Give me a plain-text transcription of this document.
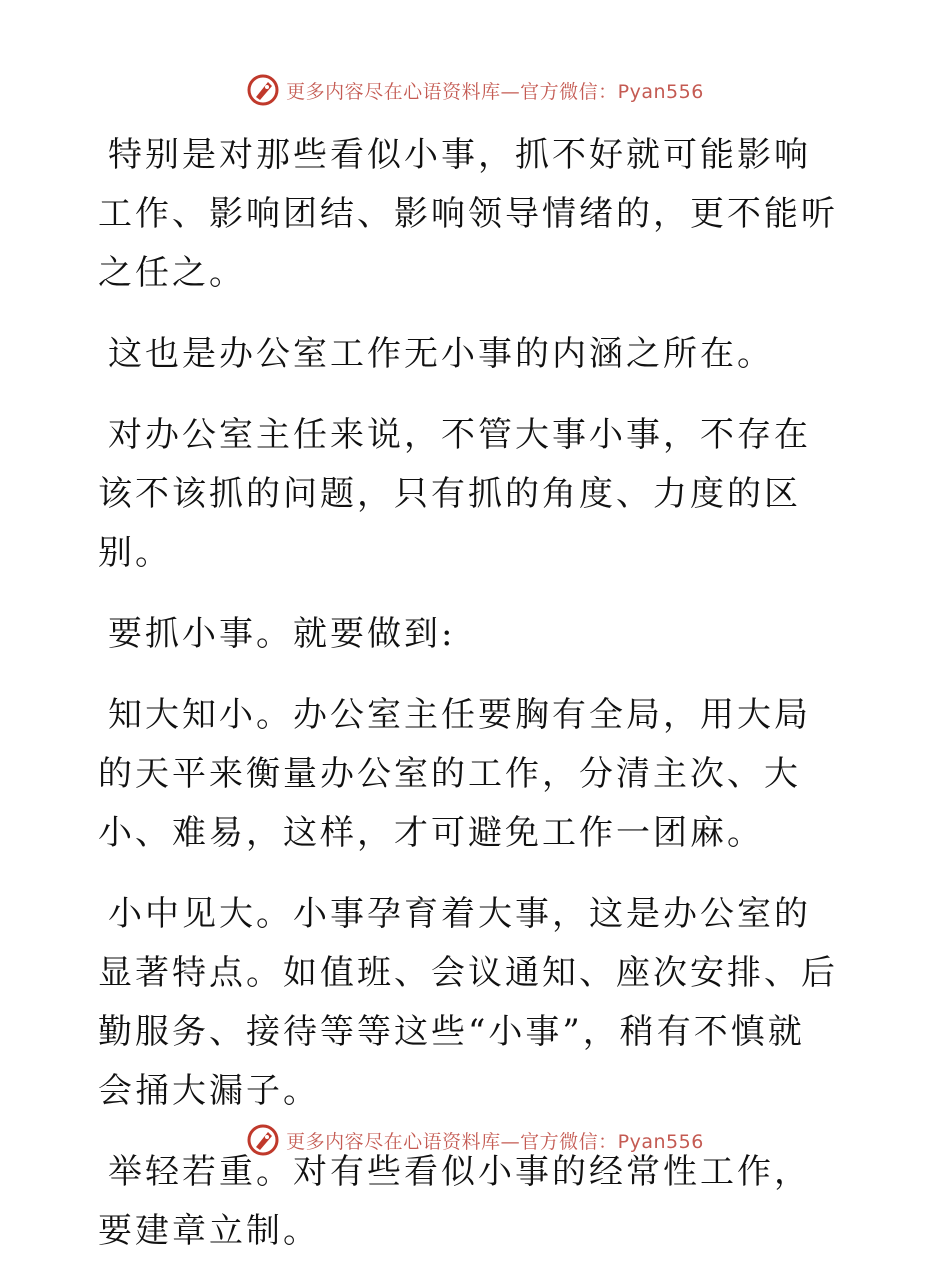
更多内容尽在心语资料库—官方微信：Pyan556

特别是对那些看似小事，抓不好就可能影响工作、影响团结、影响领导情绪的，更不能听之任之。

这也是办公室工作无小事的内涵之所在。

对办公室主任来说，不管大事小事，不存在该不该抓的问题，只有抓的角度、力度的区别。

要抓小事。就要做到:

知大知小。办公室主任要胸有全局，用大局的天平来衡量办公室的工作，分清主次、大小、难易，这样，才可避免工作一团麻。

小中见大。小事孕育着大事，这是办公室的显著特点。如值班、会议通知、座次安排、后勤服务、接待等等这些“小事”，稍有不慎就会捅大漏子。

举轻若重。对有些看似小事的经常性工作，要建章立制。

更多内容尽在心语资料库—官方微信：Pyan556
